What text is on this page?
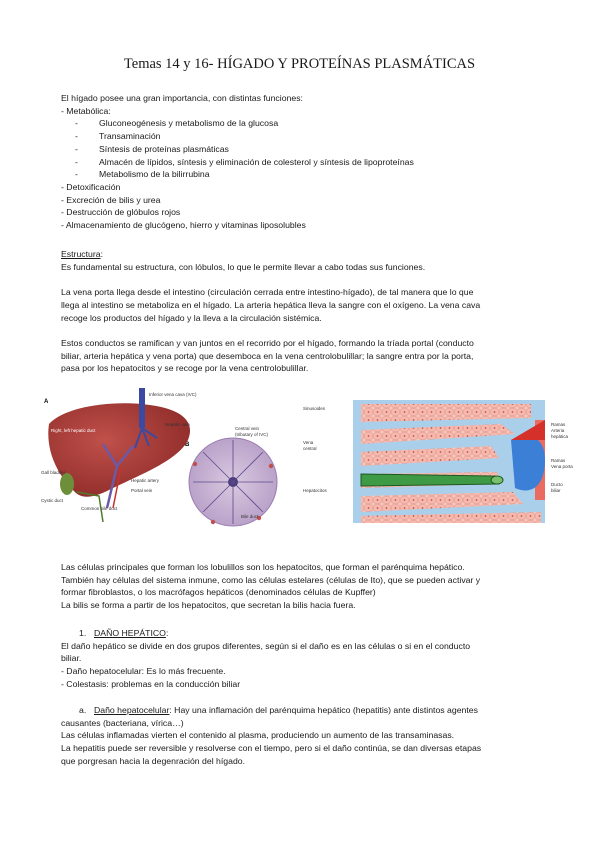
Temas 14 y 16- HÍGADO Y PROTEÍNAS PLASMÁTICAS
El hígado posee una gran importancia, con distintas funciones:
- Metabólica:
-	Gluconeogénesis y metabolismo de la glucosa
-	Transaminación
-	Síntesis de proteínas plasmáticas
-	Almacén de lípidos, síntesis y eliminación de colesterol y síntesis de lipoproteínas
-	Metabolismo de la bilirrubina
- Detoxificación
- Excreción de bilis y urea
- Destrucción de glóbulos rojos
- Almacenamiento de glucógeno, hierro y vitaminas liposolubles
Estructura:
Es fundamental su estructura, con lóbulos, lo que le permite llevar a cabo todas sus funciones.
La vena porta llega desde el intestino (circulación cerrada entre intestino-hígado), de tal manera que lo que
llega al intestino se metaboliza en el hígado. La arteria hepática lleva la sangre con el oxígeno. La vena cava
recoge los productos del hígado y la lleva a la circulación sistémica.
Estos conductos se ramifican y van juntos en el recorrido por el hígado, formando la tríada portal (conducto
biliar, arteria hepática y vena porta) que desemboca en la vena centrolobulillar; la sangre entra por la porta,
pasa por los hepatocitos y se recoge por la vena centrolobulillar.
A
B
Inferior vena cava (IVC)
Right, left hepatic duct
Hepatic vein
Gall bladder
Hepatic artery
Portal vein
Cystic duct
Common bile duct
Central vein
(tributary of IVC)
Bile duct
Sinusoides
Vena
central
Hepatocitos
Ramas
Arteria
hepática
Ramas
Vena porta
Ducto
biliar
Las células principales que forman los lobulillos son los hepatocitos, que forman el parénquima hepático.
También hay células del sistema inmune, como las células estelares (células de Ito), que se pueden activar y
formar fibroblastos, o los macrófagos hepáticos (denominados células de Kupffer)
La bilis se forma a partir de los hepatocitos, que secretan la bilis hacia fuera.
1. DAÑO HEPÁTICO:
El daño hepático se divide en dos grupos diferentes, según si el daño es en las células o si en el conducto
biliar.
- Daño hepatocelular: Es lo más frecuente.
- Colestasis: problemas en la conducción biliar
a. Daño hepatocelular: Hay una inflamación del parénquima hepático (hepatitis) ante distintos agentes
causantes (bacteriana, vírica…)
Las células inflamadas vierten el contenido al plasma, produciendo un aumento de las transaminasas.
La hepatitis puede ser reversible y resolverse con el tiempo, pero si el daño continúa, se dan diversas etapas
que porgresan hacia la degenración del hígado.
